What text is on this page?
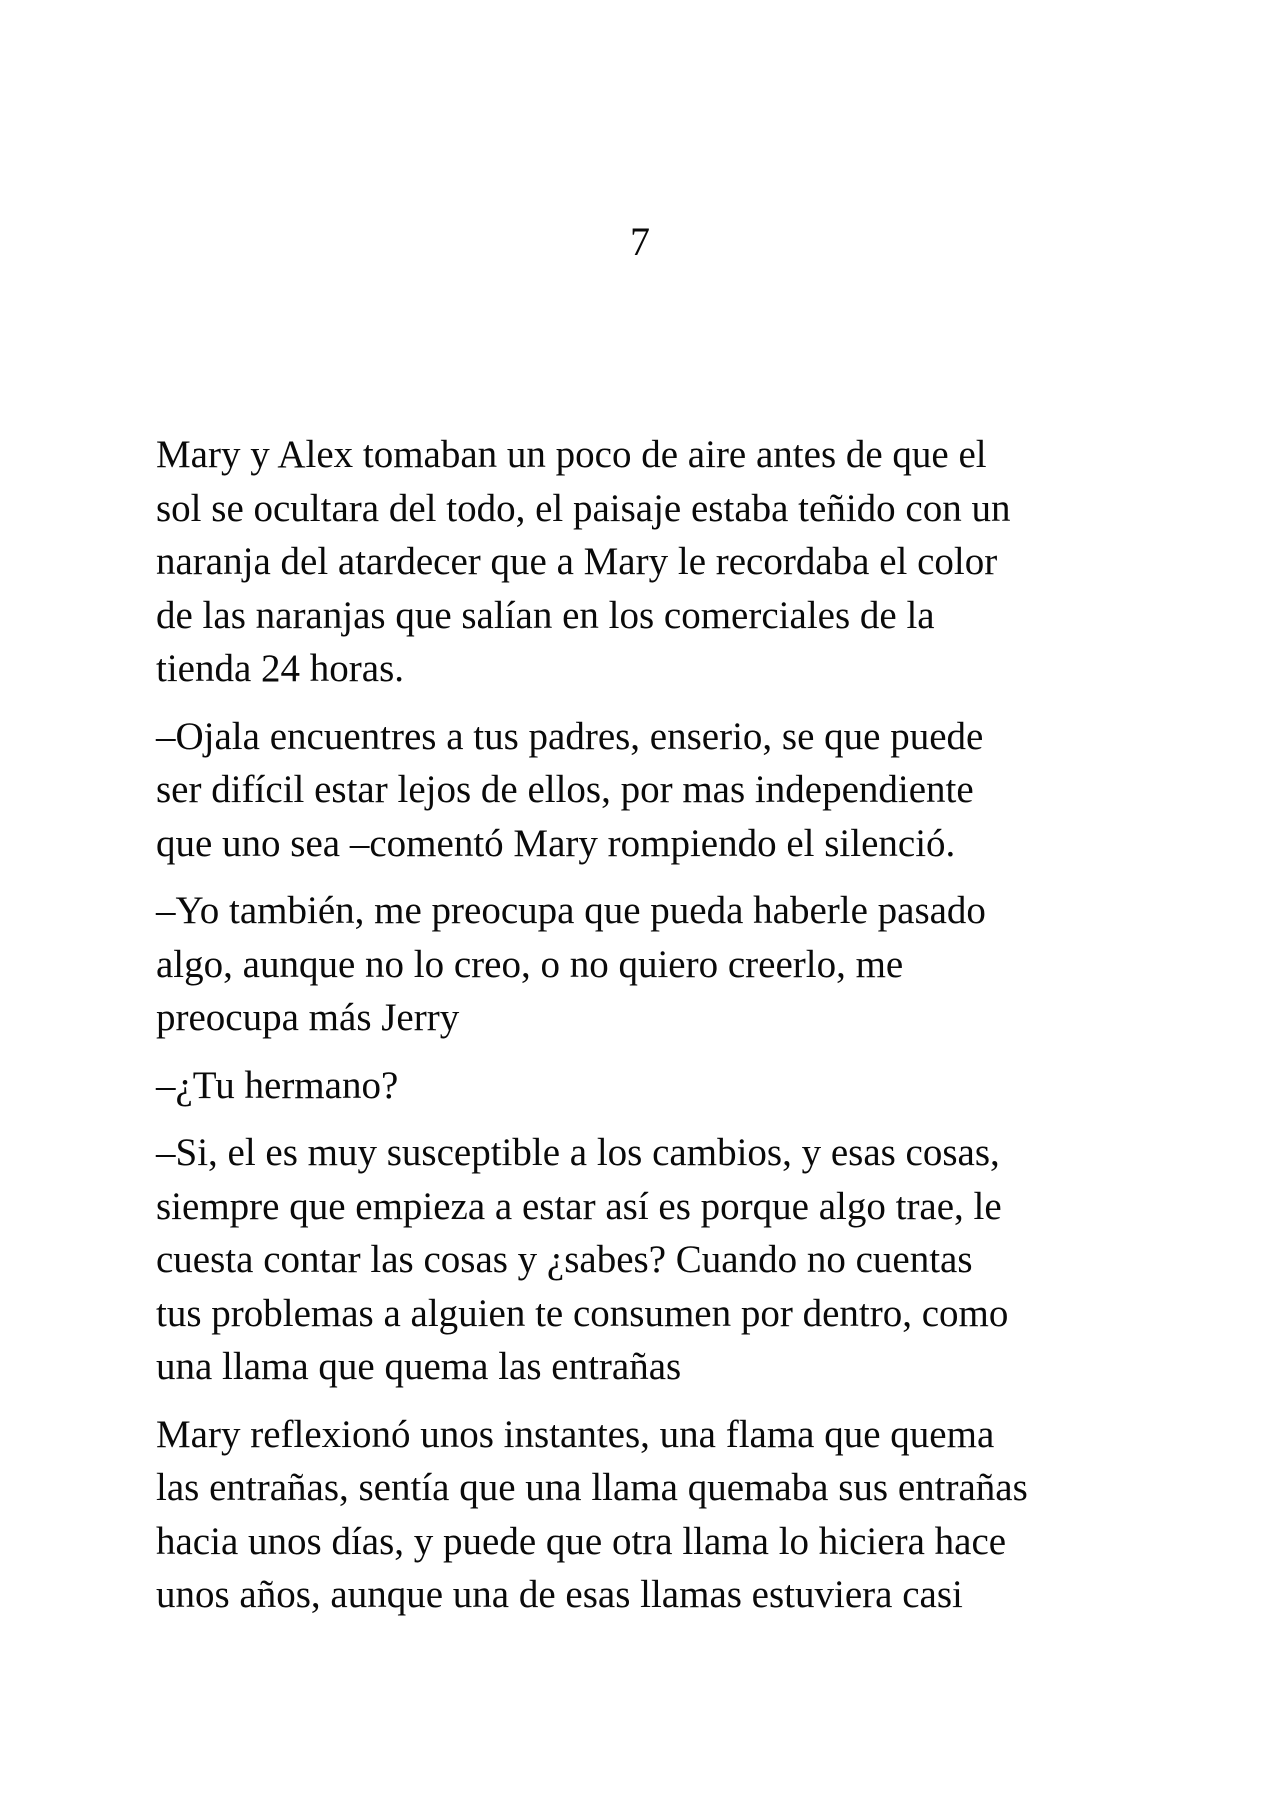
7

Mary y Alex tomaban un poco de aire antes de que el
sol se ocultara del todo, el paisaje estaba teñido con un
naranja del atardecer que a Mary le recordaba el color
de las naranjas que salían en los comerciales de la
tienda 24 horas.

–Ojala encuentres a tus padres, enserio, se que puede
ser difícil estar lejos de ellos, por mas independiente
que uno sea –comentó Mary rompiendo el silenció.

–Yo también, me preocupa que pueda haberle pasado
algo, aunque no lo creo, o no quiero creerlo, me
preocupa más Jerry

–¿Tu hermano?

–Si, el es muy susceptible a los cambios, y esas cosas,
siempre que empieza a estar así es porque algo trae, le
cuesta contar las cosas y ¿sabes? Cuando no cuentas
tus problemas a alguien te consumen por dentro, como
una llama que quema las entrañas

Mary reflexionó unos instantes, una flama que quema
las entrañas, sentía que una llama quemaba sus entrañas
hacia unos días, y puede que otra llama lo hiciera hace
unos años, aunque una de esas llamas estuviera casi
